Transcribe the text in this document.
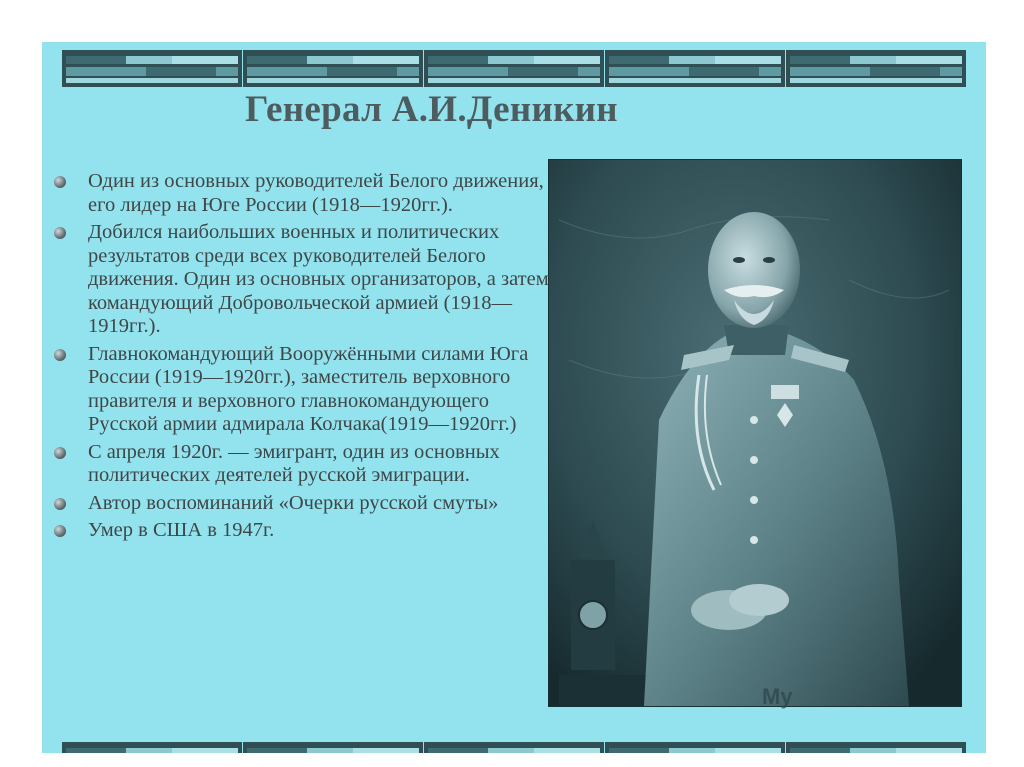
Генерал А.И.Деникин
Один из основных руководителей Белого движения, его лидер на Юге России (1918—1920гг.).
Добился наибольших военных и политических результатов среди всех руководителей Белого движения. Один из основных организаторов, а затем командующий Добровольческой армией (1918—1919гг.).
Главнокомандующий Вооружёнными силами Юга России (1919—1920гг.), заместитель верховного правителя и верховного главнокомандующего Русской армии адмирала Колчака(1919—1920гг.)
С апреля 1920г. — эмигрант, один из основных политических деятелей русской эмиграции.
Автор воспоминаний «Очерки русской смуты»
Умер в США в 1947г.
Му
